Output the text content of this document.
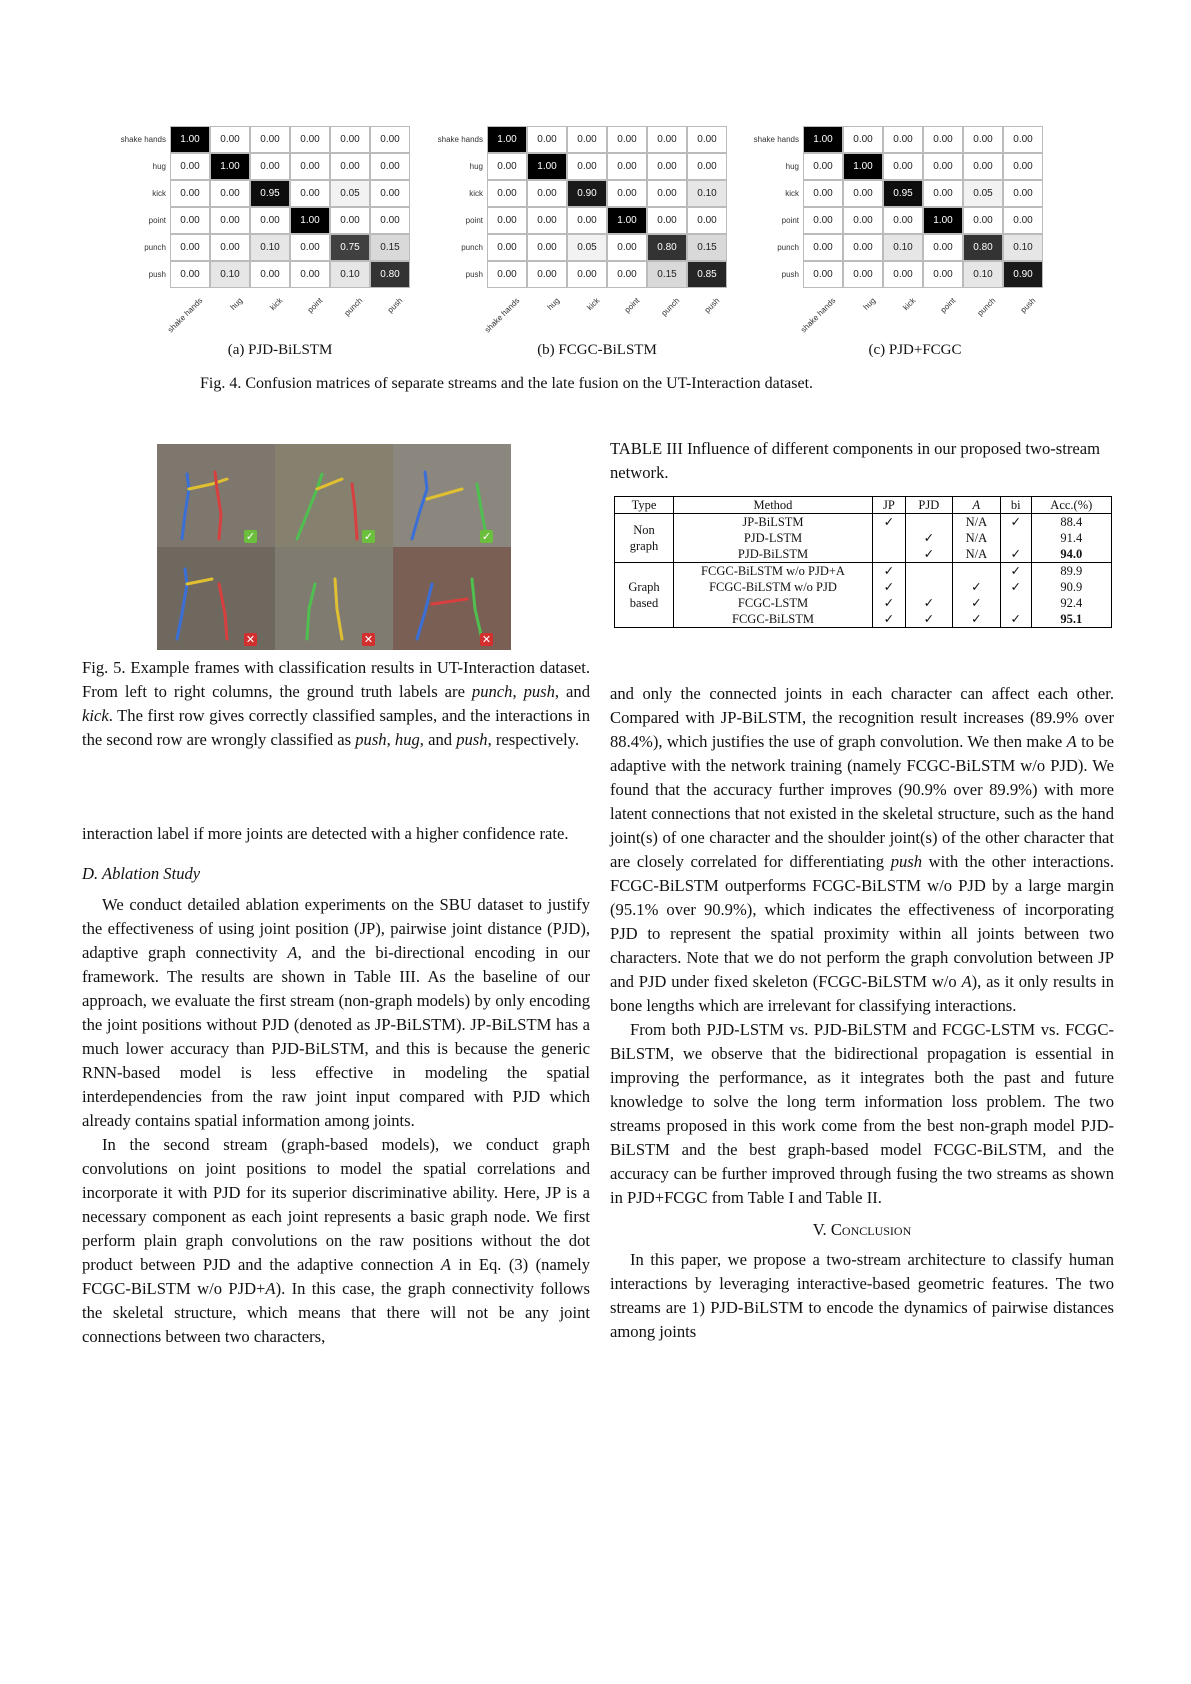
shake hands	1.00	0.00	0.00	0.00	0.00	0.00
hug	0.00	1.00	0.00	0.00	0.00	0.00
kick	0.00	0.00	0.95	0.00	0.05	0.00
point	0.00	0.00	0.00	1.00	0.00	0.00
punch	0.00	0.00	0.10	0.00	0.75	0.15
push	0.00	0.10	0.00	0.00	0.10	0.80
shake hands	hug	kick	point	punch	push
shake hands	1.00	0.00	0.00	0.00	0.00	0.00
hug	0.00	1.00	0.00	0.00	0.00	0.00
kick	0.00	0.00	0.90	0.00	0.00	0.10
point	0.00	0.00	0.00	1.00	0.00	0.00
punch	0.00	0.00	0.05	0.00	0.80	0.15
push	0.00	0.00	0.00	0.00	0.15	0.85
shake hands	hug	kick	point	punch	push
shake hands	1.00	0.00	0.00	0.00	0.00	0.00
hug	0.00	1.00	0.00	0.00	0.00	0.00
kick	0.00	0.00	0.95	0.00	0.05	0.00
point	0.00	0.00	0.00	1.00	0.00	0.00
punch	0.00	0.00	0.10	0.00	0.80	0.10
push	0.00	0.00	0.00	0.00	0.10	0.90
shake hands	hug	kick	point	punch	push
(a) PJD-BiLSTM	(b) FCGC-BiLSTM	(c) PJD+FCGC
Fig. 4. Confusion matrices of separate streams and the late fusion on the UT-Interaction dataset.
✓	✓	✓
✕	✕	✕
Fig. 5. Example frames with classification results in UT-Interaction dataset. From left to right columns, the ground truth labels are punch, push, and kick. The first row gives correctly classified samples, and the interactions in the second row are wrongly classified as push, hug, and push, respectively.

interaction label if more joints are detected with a higher confidence rate.

D. Ablation Study

We conduct detailed ablation experiments on the SBU dataset to justify the effectiveness of using joint position (JP), pairwise joint distance (PJD), adaptive graph connectivity A, and the bi-directional encoding in our framework. The results are shown in Table III. As the baseline of our approach, we evaluate the first stream (non-graph models) by only encoding the joint positions without PJD (denoted as JP-BiLSTM). JP-BiLSTM has a much lower accuracy than PJD-BiLSTM, and this is because the generic RNN-based model is less effective in modeling the spatial interdependencies from the raw joint input compared with PJD which already contains spatial information among joints.

In the second stream (graph-based models), we conduct graph convolutions on joint positions to model the spatial correlations and incorporate it with PJD for its superior discriminative ability. Here, JP is a necessary component as each joint represents a basic graph node. We first perform plain graph convolutions on the raw positions without the dot product between PJD and the adaptive connection A in Eq. (3) (namely FCGC-BiLSTM w/o PJD+A). In this case, the graph connectivity follows the skeletal structure, which means that there will not be any joint connections between two characters,

TABLE III Influence of different components in our proposed two-stream network.
Type	Method	JP	PJD	A	bi	Acc.(%)
Non graph	JP-BiLSTM	✓		N/A	✓	88.4
	PJD-LSTM		✓	N/A		91.4
	PJD-BiLSTM		✓	N/A	✓	94.0
Graph based	FCGC-BiLSTM w/o PJD+A	✓			✓	89.9
	FCGC-BiLSTM w/o PJD	✓		✓	✓	90.9
	FCGC-LSTM	✓	✓	✓		92.4
	FCGC-BiLSTM	✓	✓	✓	✓	95.1

and only the connected joints in each character can affect each other. Compared with JP-BiLSTM, the recognition result increases (89.9% over 88.4%), which justifies the use of graph convolution. We then make A to be adaptive with the network training (namely FCGC-BiLSTM w/o PJD). We found that the accuracy further improves (90.9% over 89.9%) with more latent connections that not existed in the skeletal structure, such as the hand joint(s) of one character and the shoulder joint(s) of the other character that are closely correlated for differentiating push with the other interactions. FCGC-BiLSTM outperforms FCGC-BiLSTM w/o PJD by a large margin (95.1% over 90.9%), which indicates the effectiveness of incorporating PJD to represent the spatial proximity within all joints between two characters. Note that we do not perform the graph convolution between JP and PJD under fixed skeleton (FCGC-BiLSTM w/o A), as it only results in bone lengths which are irrelevant for classifying interactions.

From both PJD-LSTM vs. PJD-BiLSTM and FCGC-LSTM vs. FCGC-BiLSTM, we observe that the bidirectional propagation is essential in improving the performance, as it integrates both the past and future knowledge to solve the long term information loss problem. The two streams proposed in this work come from the best non-graph model PJD-BiLSTM and the best graph-based model FCGC-BiLSTM, and the accuracy can be further improved through fusing the two streams as shown in PJD+FCGC from Table I and Table II.

V. Conclusion

In this paper, we propose a two-stream architecture to classify human interactions by leveraging interactive-based geometric features. The two streams are 1) PJD-BiLSTM to encode the dynamics of pairwise distances among joints
